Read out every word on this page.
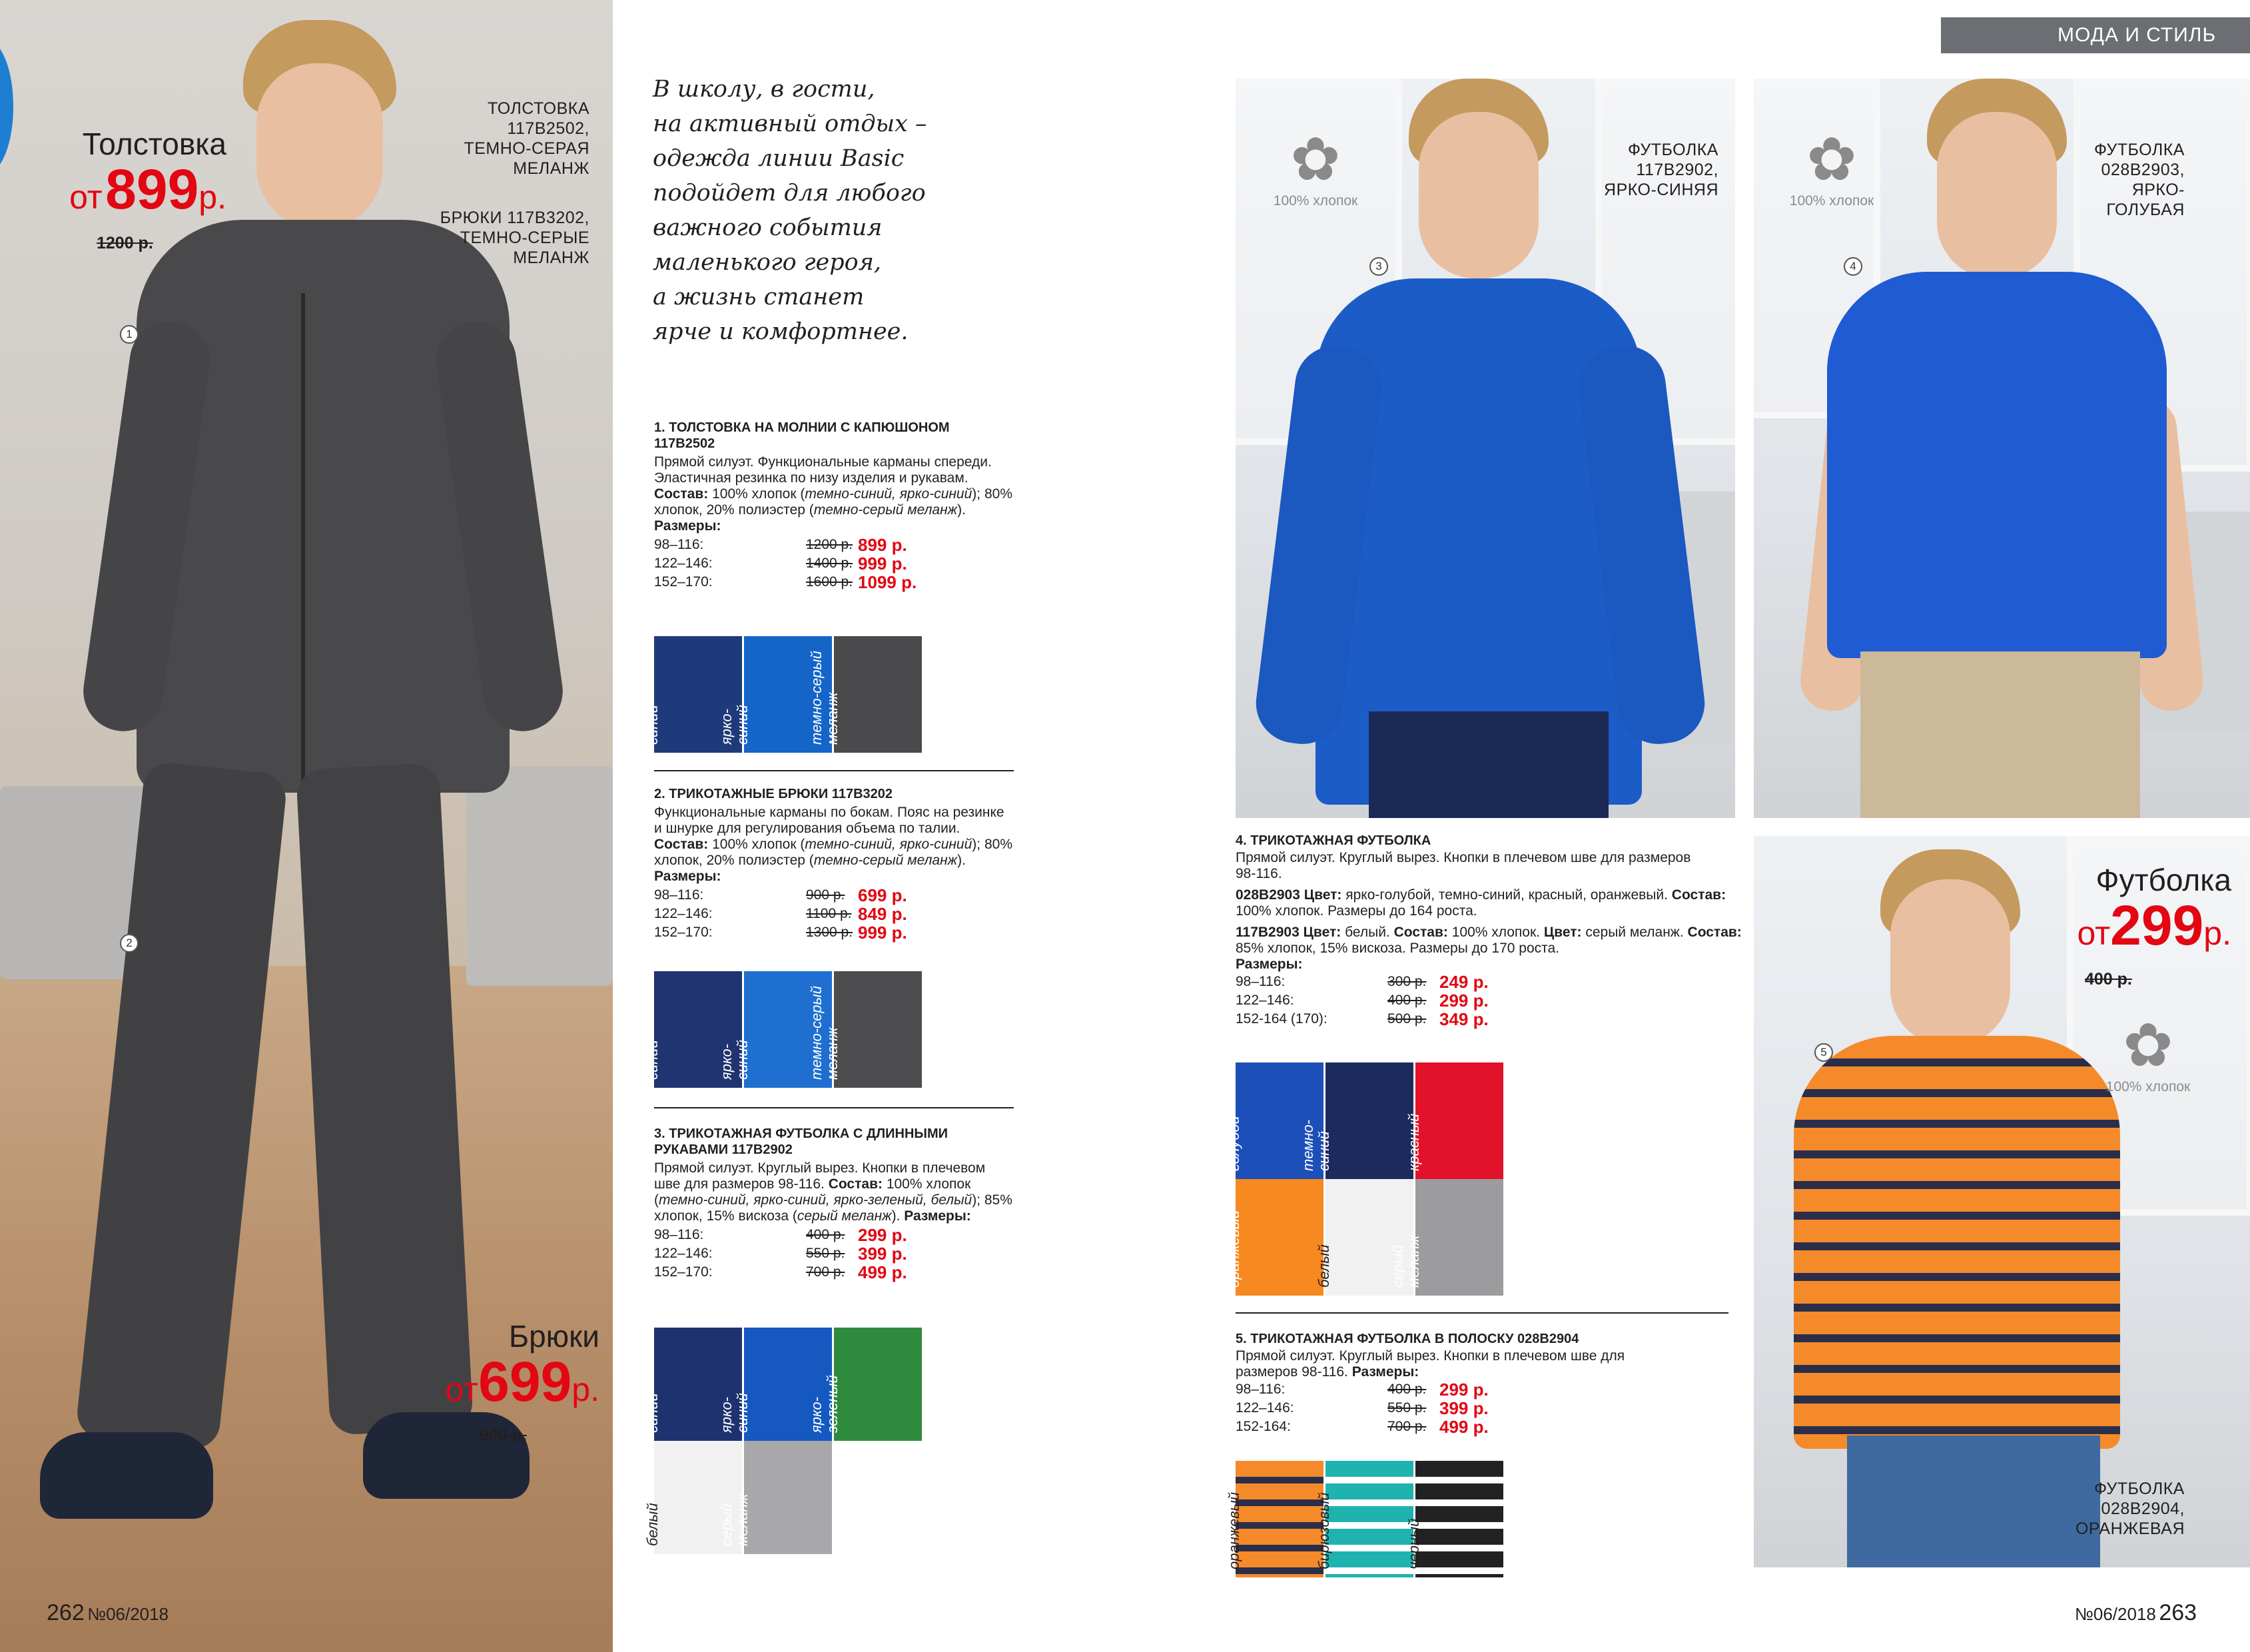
Толстовка
от 899р.
1200 р.
Брюки
от699р.
900 р.
ТОЛСТОВКА
117B2502,
ТЕМНО-СЕРАЯ
МЕЛАНЖ
БРЮКИ 117B3202,
ТЕМНО-СЕРЫЕ
МЕЛАНЖ
1
2
262 №06/2018
В школу, в гости,
на активный отдых –
одежда линии Basic
подойдет для любого
важного события
маленького героя,
а жизнь станет
ярче и комфортнее.
1. ТОЛСТОВКА НА МОЛНИИ С КАПЮШОНОМ
117B2502
Прямой силуэт. Функциональные карманы спереди. Эластичная резинка по низу изделия и рукавам. Состав: 100% хлопок (темно-синий, ярко-синий); 80% хлопок, 20% полиэстер (темно-серый меланж). Размеры:
98–116:	1200 р. 899 р.
122–146:	1400 р. 999 р.
152–170:	1600 р. 1099 р.
темно-
синий	ярко-
синий	темно-серый
меланж
2. ТРИКОТАЖНЫЕ БРЮКИ 117B3202
Функциональные карманы по бокам. Пояс на резинке и шнурке для регулирования объема по талии. Состав: 100% хлопок (темно-синий, ярко-синий); 80% хлопок, 20% полиэстер (темно-серый меланж). Размеры:
98–116:	900 р. 699 р.
122–146:	1100 р. 849 р.
152–170:	1300 р. 999 р.
темно-
синий	ярко-
синий	темно-серый
меланж
3. ТРИКОТАЖНАЯ ФУТБОЛКА С ДЛИННЫМИ
РУКАВАМИ 117B2902
Прямой силуэт. Круглый вырез. Кнопки в плечевом шве для размеров 98-116. Состав: 100% хлопок (темно-синий, ярко-синий, ярко-зеленый, белый); 85% хлопок, 15% вискоза (серый меланж). Размеры:
98–116:	400 р. 299 р.
122–146:	550 р. 399 р.
152–170:	700 р. 499 р.
темно-
синий	ярко-
синий	ярко-
зеленый
белый	серый
меланж
МОДА И СТИЛЬ
✿
100% хлопок
ФУТБОЛКА
117B2902,
ЯРКО-СИНЯЯ
3
✿
100% хлопок
ФУТБОЛКА
028B2903,
ЯРКО-ГОЛУБАЯ
4
5	✿
100% хлопок
Футболка
от299р.
400 р.
ФУТБОЛКА
028B2904,
ОРАНЖЕВАЯ
4. ТРИКОТАЖНАЯ ФУТБОЛКА
Прямой силуэт. Круглый вырез. Кнопки в плечевом шве для размеров 98-116.
028B2903 Цвет: ярко-голубой, темно-синий, красный, оранжевый. Состав: 100% хлопок. Размеры до 164 роста.
117B2903 Цвет: белый. Состав: 100% хлопок. Цвет: серый меланж. Состав: 85% хлопок, 15% вискоза. Размеры до 170 роста.
Размеры:
98–116:	300 р. 249 р.
122–146:	400 р. 299 р.
152-164 (170):	500 р. 349 р.
ярко-
голубой	темно-
синий	красный
оранжевый	белый	серый
меланж
5. ТРИКОТАЖНАЯ ФУТБОЛКА В ПОЛОСКУ 028B2904
Прямой силуэт. Круглый вырез. Кнопки в плечевом шве для размеров 98-116. Размеры:
98–116:	400 р. 299 р.
122–146:	550 р. 399 р.
152-164:	700 р. 499 р.
оранжевый	бирюзовый	черный
№06/2018 263
